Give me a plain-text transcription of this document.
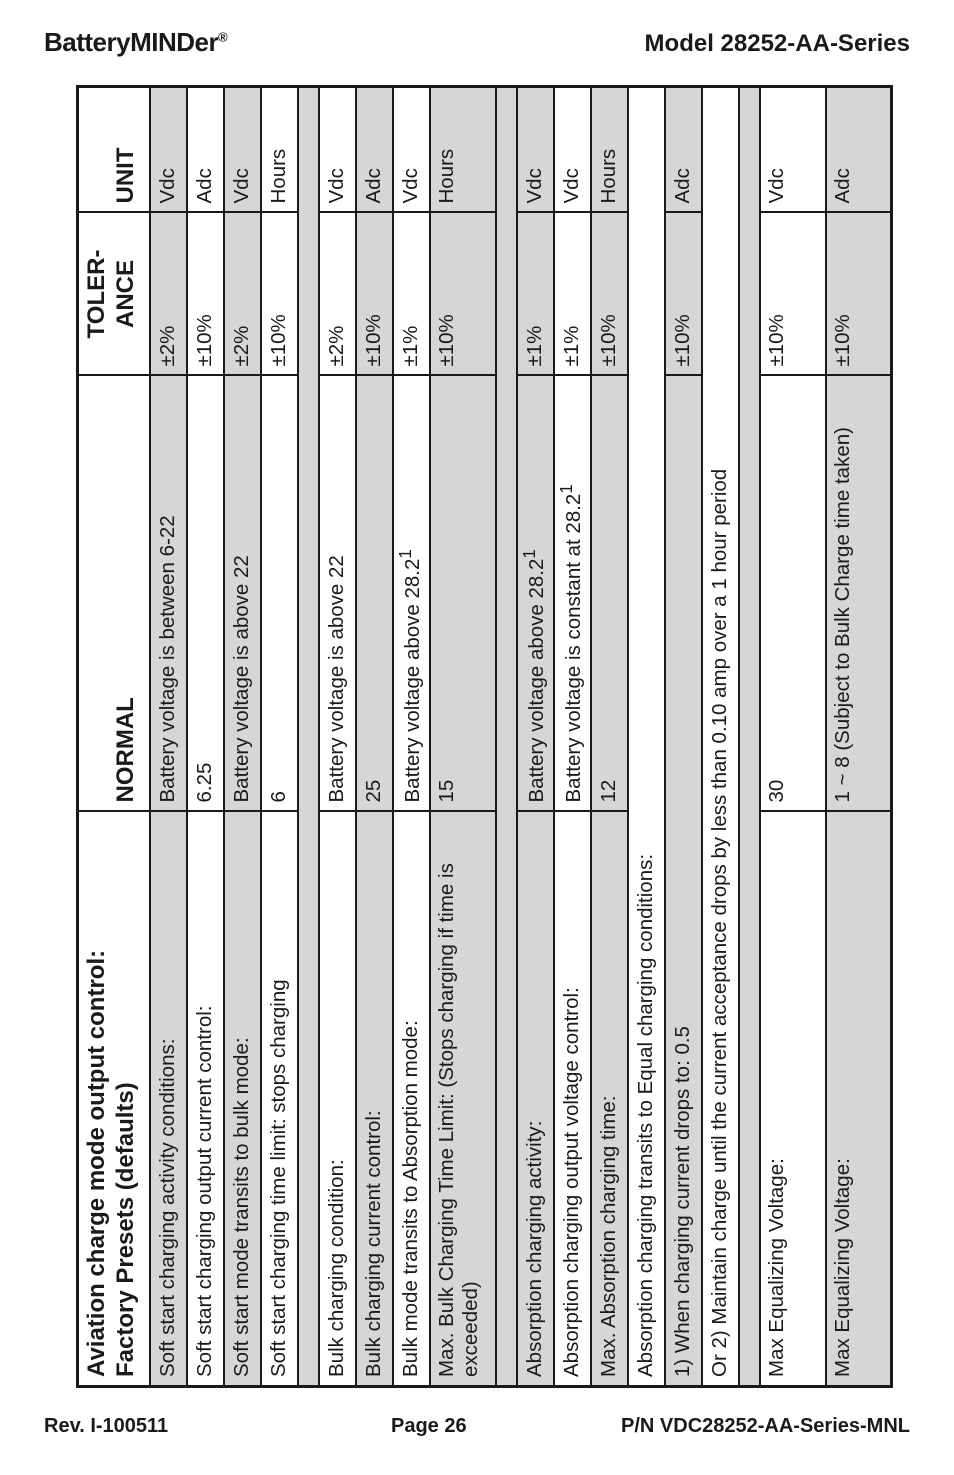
BatteryMINDer®	Model 28252-AA-Series
Aviation charge mode output control:
Factory Presets (defaults)	NORMAL	TOLER-
ANCE	UNIT
Soft start charging activity conditions:	Battery voltage is between 6-22	±2%	Vdc
Soft start charging output current control:	6.25	±10%	Adc
Soft start mode transits to bulk mode:	Battery voltage is above 22	±2%	Vdc
Soft start charging time limit: stops charging	6	±10%	Hours

Bulk charging condition:	Battery voltage is above 22	±2%	Vdc
Bulk charging current control:	25	±10%	Adc
Bulk mode transits to Absorption mode:	Battery voltage above $28.2^1$	±1%	Vdc
Max. Bulk Charging Time Limit: (Stops charging if time is exceeded)	15	±10%	Hours

Absorption charging activity:	Battery voltage above $28.2^1$	±1%	Vdc
Absorption charging output voltage control:	Battery voltage is constant at $28.2^1$	±1%	Vdc
Max. Absorption charging time:	12	±10%	Hours
Absorption charging transits to Equal charging conditions:			
1) When charging current drops to: 0.5		±10%	Adc
Or 2) Maintain charge until the current acceptance drops by less than 0.10 amp over a 1 hour period			

Max Equalizing Voltage:	30	±10%	Vdc
Max Equalizing Voltage:	1 ~ 8 (Subject to Bulk Charge time taken)	±10%	Adc
Rev. I-100511	Page 26	P/N VDC28252-AA-Series-MNL
